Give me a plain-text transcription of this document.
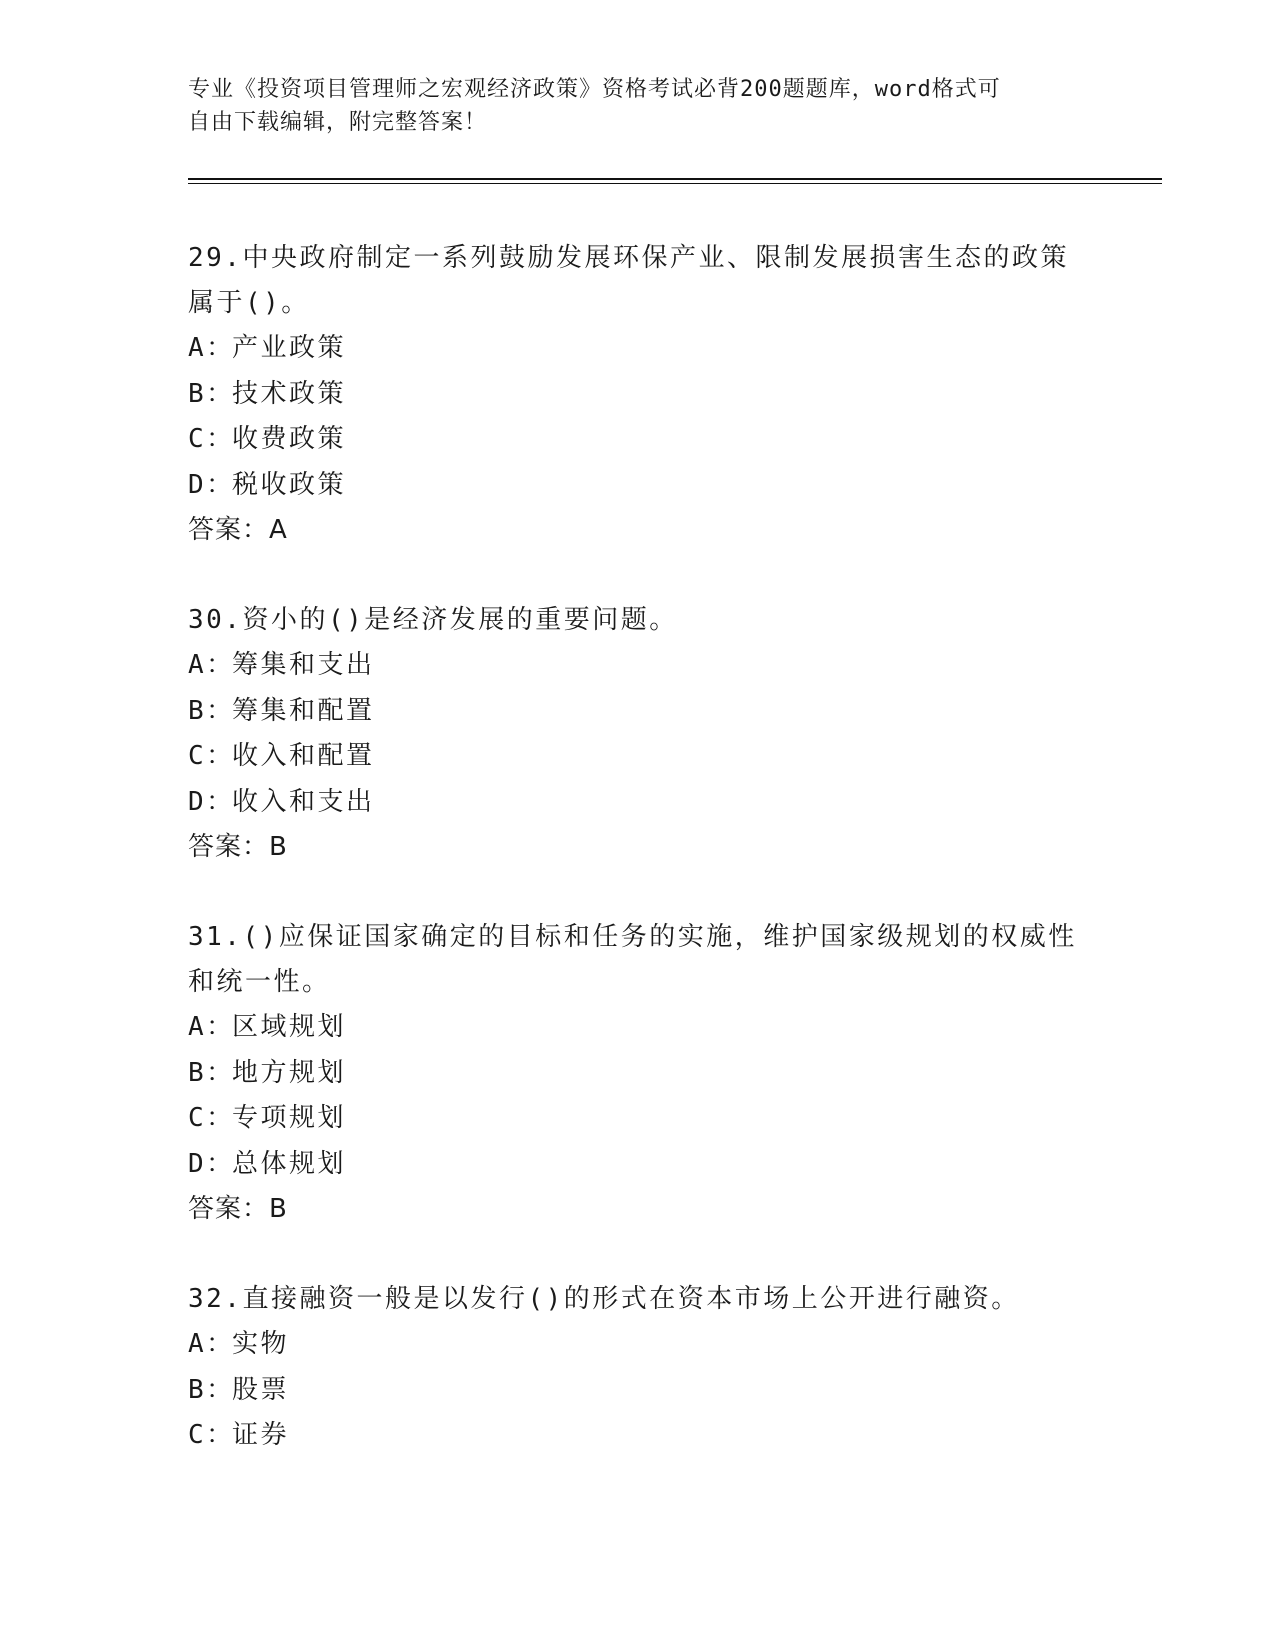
专业《投资项目管理师之宏观经济政策》资格考试必背200题题库，word格式可
自由下载编辑，附完整答案！

29.中央政府制定一系列鼓励发展环保产业、限制发展损害生态的政策
属于()。

A：产业政策

B：技术政策

C：收费政策

D：税收政策

答案：A

30.资小的()是经济发展的重要问题。

A：筹集和支出

B：筹集和配置

C：收入和配置

D：收入和支出

答案：B

31.()应保证国家确定的目标和任务的实施，维护国家级规划的权威性
和统一性。

A：区域规划

B：地方规划

C：专项规划

D：总体规划

答案：B

32.直接融资一般是以发行()的形式在资本市场上公开进行融资。

A：实物

B：股票

C：证券
